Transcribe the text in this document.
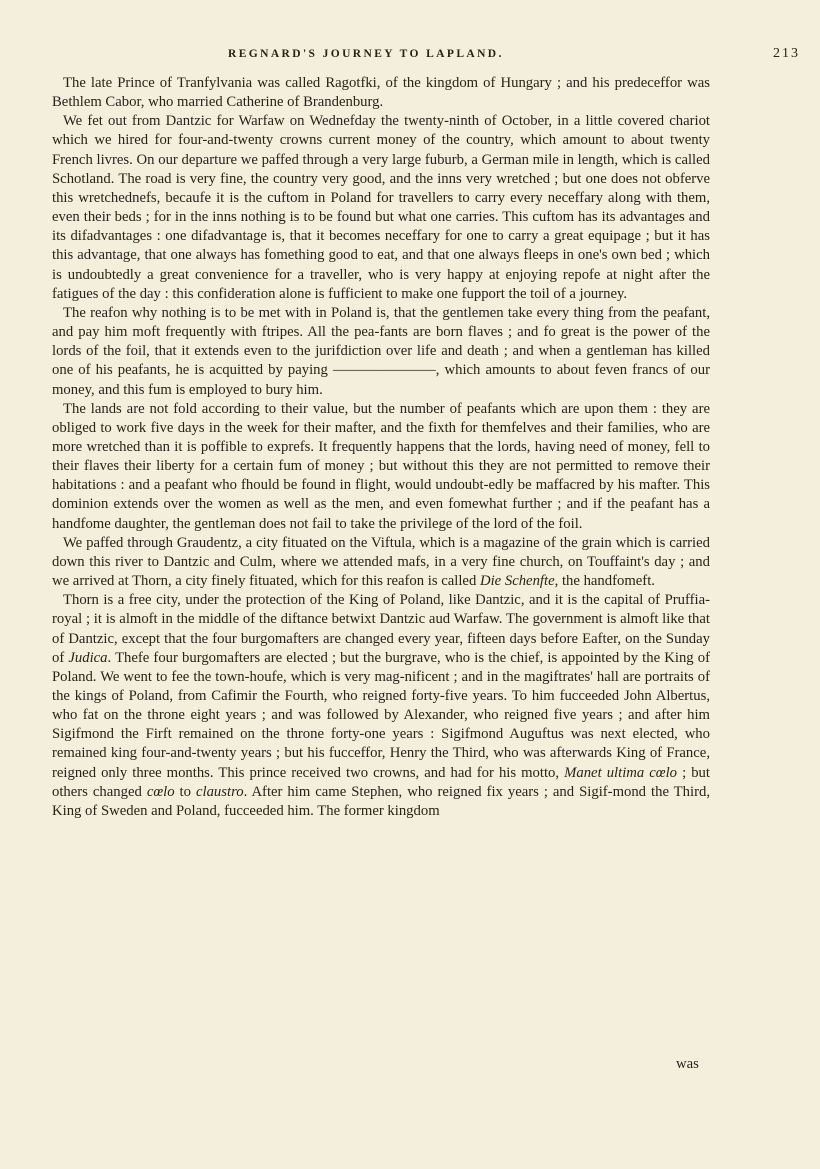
REGNARD'S JOURNEY TO LAPLAND.	213

The late Prince of Tranfylvania was called Ragotfki, of the kingdom of Hungary ; and his predeceffor was Bethlem Cabor, who married Catherine of Brandenburg.

We fet out from Dantzic for Warfaw on Wednefday the twenty-ninth of October, in a little covered chariot which we hired for four-and-twenty crowns current money of the country, which amount to about twenty French livres. On our departure we paffed through a very large fuburb, a German mile in length, which is called Schotland. The road is very fine, the country very good, and the inns very wretched ; but one does not obferve this wretchednefs, becaufe it is the cuftom in Poland for travellers to carry every neceffary along with them, even their beds ; for in the inns nothing is to be found but what one carries. This cuftom has its advantages and its difadvantages : one difadvantage is, that it becomes neceffary for one to carry a great equipage ; but it has this advantage, that one always has fomething good to eat, and that one always fleeps in one's own bed ; which is undoubtedly a great convenience for a traveller, who is very happy at enjoying repofe at night after the fatigues of the day : this confideration alone is fufficient to make one fupport the toil of a journey.

The reafon why nothing is to be met with in Poland is, that the gentlemen take every thing from the peafant, and pay him moft frequently with ftripes. All the pea-fants are born flaves ; and fo great is the power of the lords of the foil, that it extends even to the jurifdiction over life and death ; and when a gentleman has killed one of his peafants, he is acquitted by paying ———————, which amounts to about feven francs of our money, and this fum is employed to bury him.

The lands are not fold according to their value, but the number of peafants which are upon them : they are obliged to work five days in the week for their mafter, and the fixth for themfelves and their families, who are more wretched than it is poffible to exprefs. It frequently happens that the lords, having need of money, fell to their flaves their liberty for a certain fum of money ; but without this they are not permitted to remove their habitations : and a peafant who fhould be found in flight, would undoubt-edly be maffacred by his mafter. This dominion extends over the women as well as the men, and even fomewhat further ; and if the peafant has a handfome daughter, the gentleman does not fail to take the privilege of the lord of the foil.

We paffed through Graudentz, a city fituated on the Viftula, which is a magazine of the grain which is carried down this river to Dantzic and Culm, where we attended mafs, in a very fine church, on Touffaint's day ; and we arrived at Thorn, a city finely fituated, which for this reafon is called Die Schenfte, the handfomeft.

Thorn is a free city, under the protection of the King of Poland, like Dantzic, and it is the capital of Pruffia-royal ; it is almoft in the middle of the diftance betwixt Dantzic aud Warfaw. The government is almoft like that of Dantzic, except that the four burgomafters are changed every year, fifteen days before Eafter, on the Sunday of Judica. Thefe four burgomafters are elected ; but the burgrave, who is the chief, is appointed by the King of Poland. We went to fee the town-houfe, which is very mag-nificent ; and in the magiftrates' hall are portraits of the kings of Poland, from Cafimir the Fourth, who reigned forty-five years. To him fucceeded John Albertus, who fat on the throne eight years ; and was followed by Alexander, who reigned five years ; and after him Sigifmond the Firft remained on the throne forty-one years : Sigifmond Auguftus was next elected, who remained king four-and-twenty years ; but his fucceffor, Henry the Third, who was afterwards King of France, reigned only three months. This prince received two crowns, and had for his motto, Manet ultima cœlo ; but others changed cœlo to claustro. After him came Stephen, who reigned fix years ; and Sigif-mond the Third, King of Sweden and Poland, fucceeded him. The former kingdom

was
